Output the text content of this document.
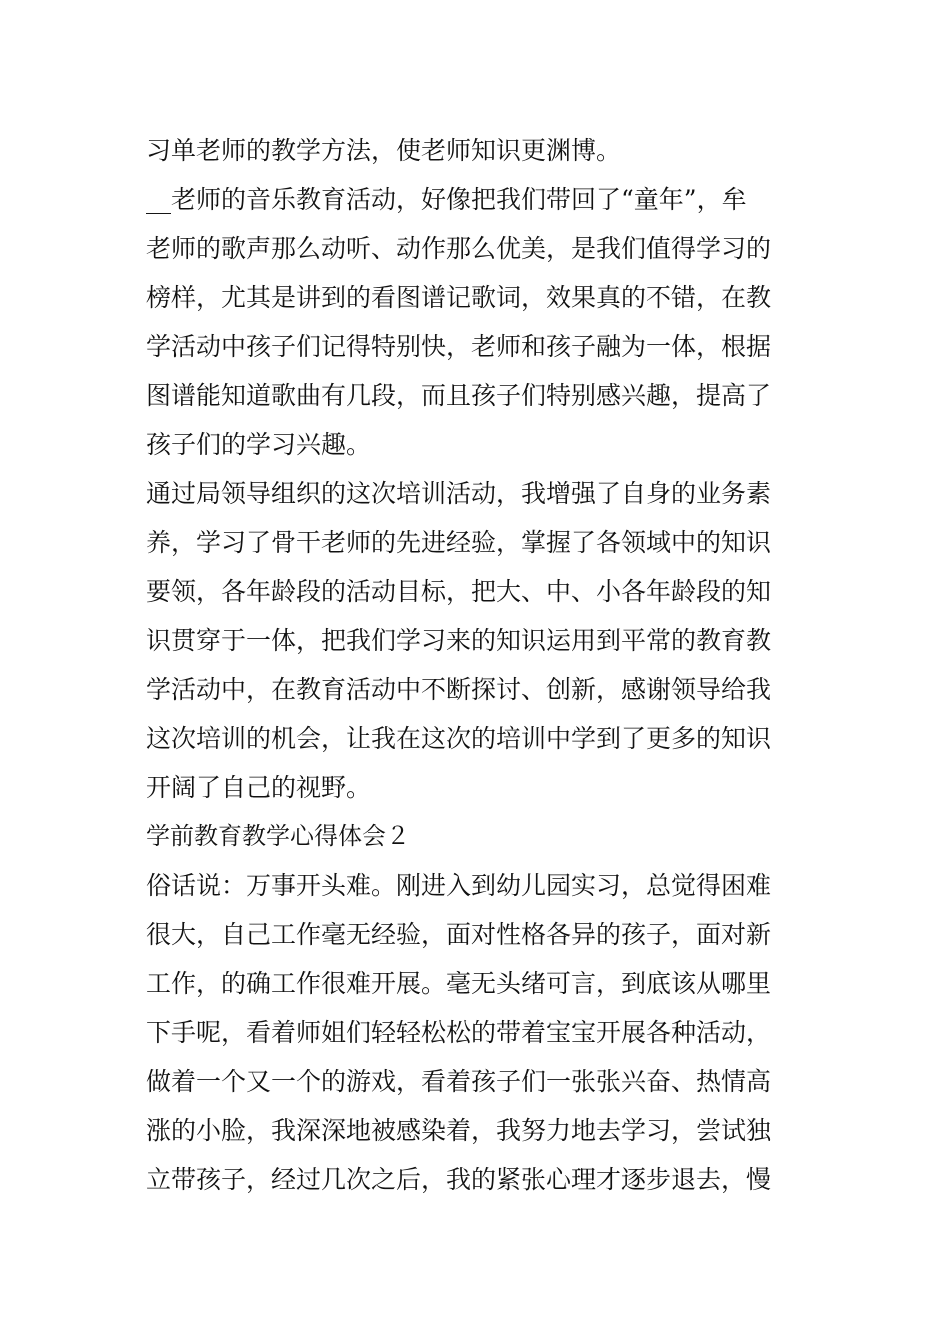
习单老师的教学方法，使老师知识更渊博。
__老师的音乐教育活动，好像把我们带回了“童年”，牟
老师的歌声那么动听、动作那么优美，是我们值得学习的
榜样，尤其是讲到的看图谱记歌词，效果真的不错，在教
学活动中孩子们记得特别快，老师和孩子融为一体，根据
图谱能知道歌曲有几段，而且孩子们特别感兴趣，提高了
孩子们的学习兴趣。
通过局领导组织的这次培训活动，我增强了自身的业务素
养，学习了骨干老师的先进经验，掌握了各领域中的知识
要领，各年龄段的活动目标，把大、中、小各年龄段的知
识贯穿于一体，把我们学习来的知识运用到平常的教育教
学活动中，在教育活动中不断探讨、创新，感谢领导给我
这次培训的机会，让我在这次的培训中学到了更多的知识
开阔了自己的视野。
学前教育教学心得体会２
俗话说：万事开头难。刚进入到幼儿园实习，总觉得困难
很大，自己工作毫无经验，面对性格各异的孩子，面对新
工作，的确工作很难开展。毫无头绪可言，到底该从哪里
下手呢，看着师姐们轻轻松松的带着宝宝开展各种活动，
做着一个又一个的游戏，看着孩子们一张张兴奋、热情高
涨的小脸，我深深地被感染着，我努力地去学习，尝试独
立带孩子，经过几次之后，我的紧张心理才逐步退去，慢
